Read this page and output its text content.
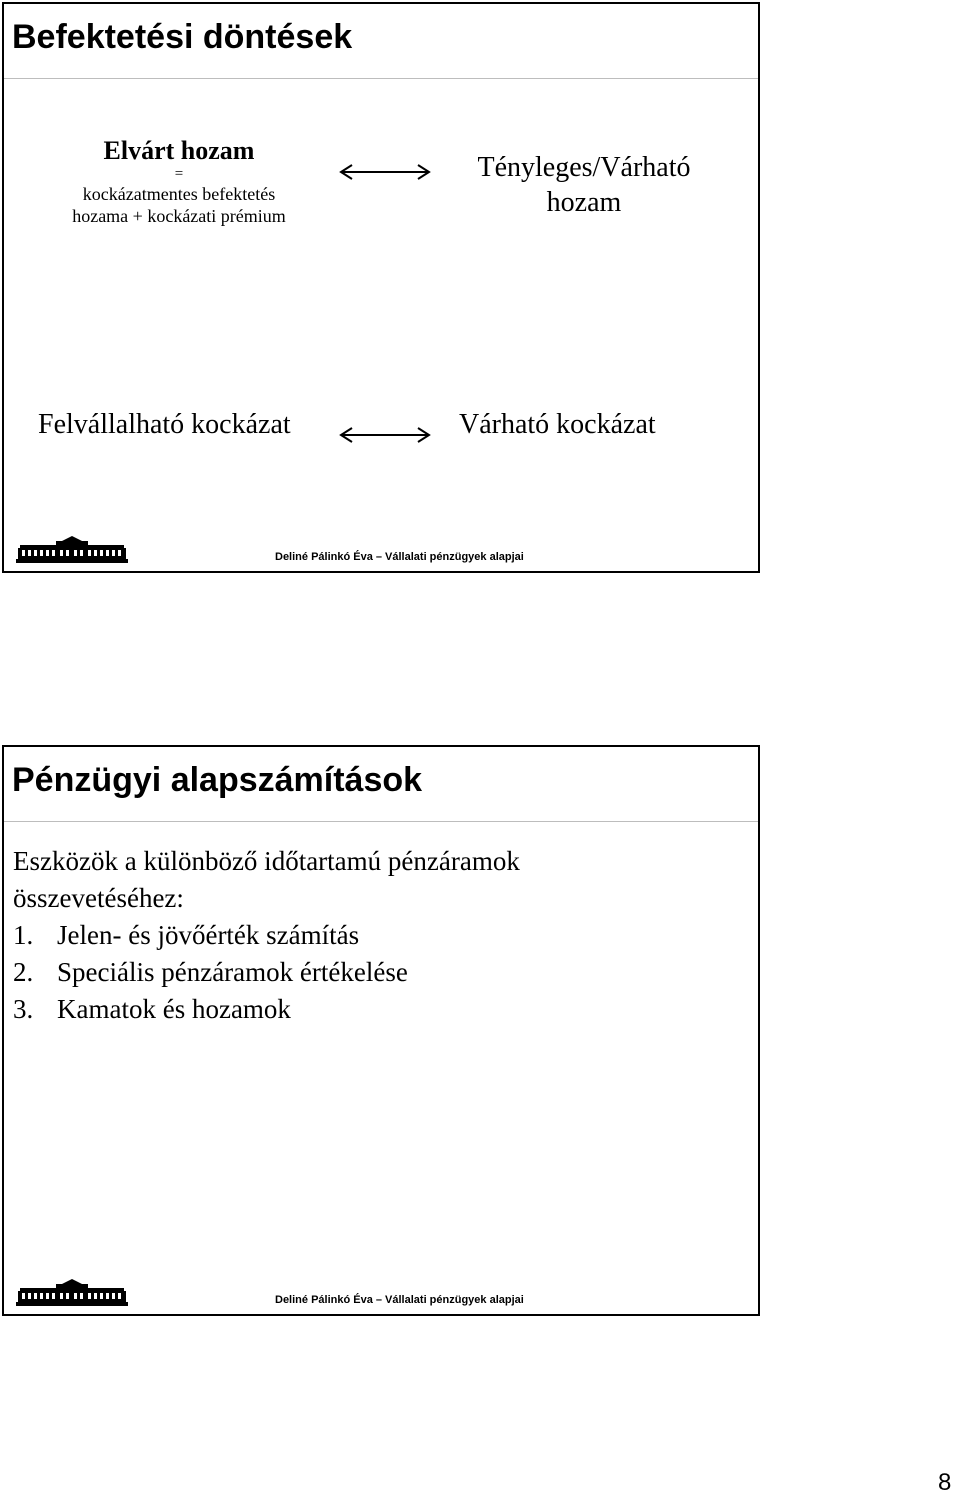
Befektetési döntések
Elvárt hozam
=
kockázatmentes befektetés
hozama + kockázati prémium
Tényleges/Várható
hozam
Felvállalható kockázat	Várható kockázat
Deliné Pálinkó Éva – Vállalati pénzügyek alapjai
Pénzügyi alapszámítások
Eszközök a különböző időtartamú pénzáramok
összevetéséhez:
1. Jelen- és jövőérték számítás
2. Speciális pénzáramok értékelése
3. Kamatok és hozamok
Deliné Pálinkó Éva – Vállalati pénzügyek alapjai
8
